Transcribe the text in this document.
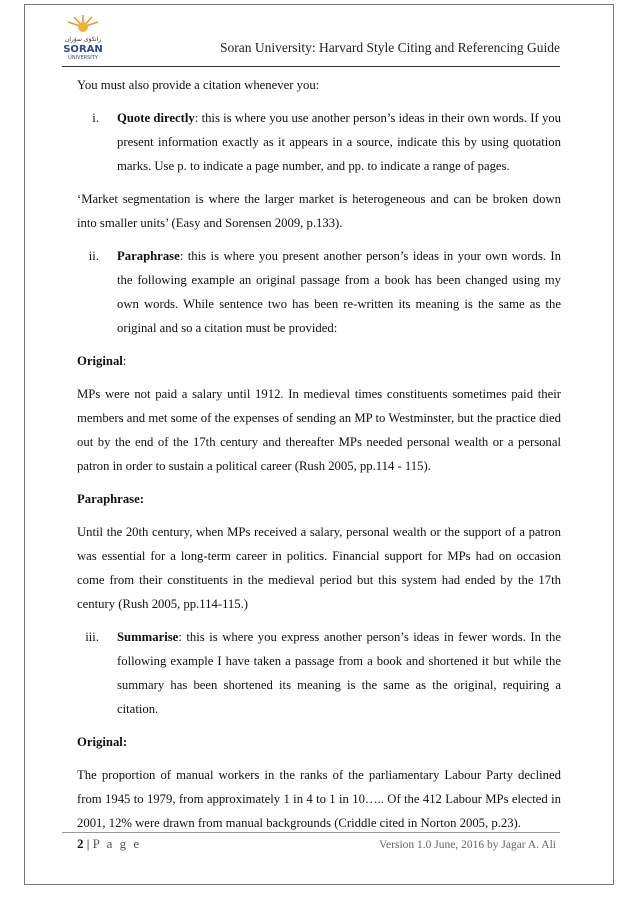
زانكۆی سۆران
SORAN
UNIVERSITY
Soran University: Harvard Style Citing and Referencing Guide

You must also provide a citation whenever you:

i.	Quote directly: this is where you use another person’s ideas in their own words. If you present information exactly as it appears in a source, indicate this by using quotation marks. Use p. to indicate a page number, and pp. to indicate a range of pages.

‘Market segmentation is where the larger market is heterogeneous and can be broken down into smaller units’ (Easy and Sorensen 2009, p.133).

ii.	Paraphrase: this is where you present another person’s ideas in your own words. In the following example an original passage from a book has been changed using my own words. While sentence two has been re-written its meaning is the same as the original and so a citation must be provided:

Original:

MPs were not paid a salary until 1912. In medieval times constituents sometimes paid their members and met some of the expenses of sending an MP to Westminster, but the practice died out by the end of the 17th century and thereafter MPs needed personal wealth or a personal patron in order to sustain a political career (Rush 2005, pp.114 - 115).

Paraphrase:

Until the 20th century, when MPs received a salary, personal wealth or the support of a patron was essential for a long-term career in politics. Financial support for MPs had on occasion come from their constituents in the medieval period but this system had ended by the 17th century (Rush 2005, pp.114-115.)

iii.	Summarise: this is where you express another person’s ideas in fewer words. In the following example I have taken a passage from a book and shortened it but while the summary has been shortened its meaning is the same as the original, requiring a citation.

Original:

The proportion of manual workers in the ranks of the parliamentary Labour Party declined from 1945 to 1979, from approximately 1 in 4 to 1 in 10….. Of the 412 Labour MPs elected in 2001, 12% were drawn from manual backgrounds (Criddle cited in Norton 2005, p.23).

2 | P a g e	Version 1.0 June, 2016 by Jagar A. Ali
